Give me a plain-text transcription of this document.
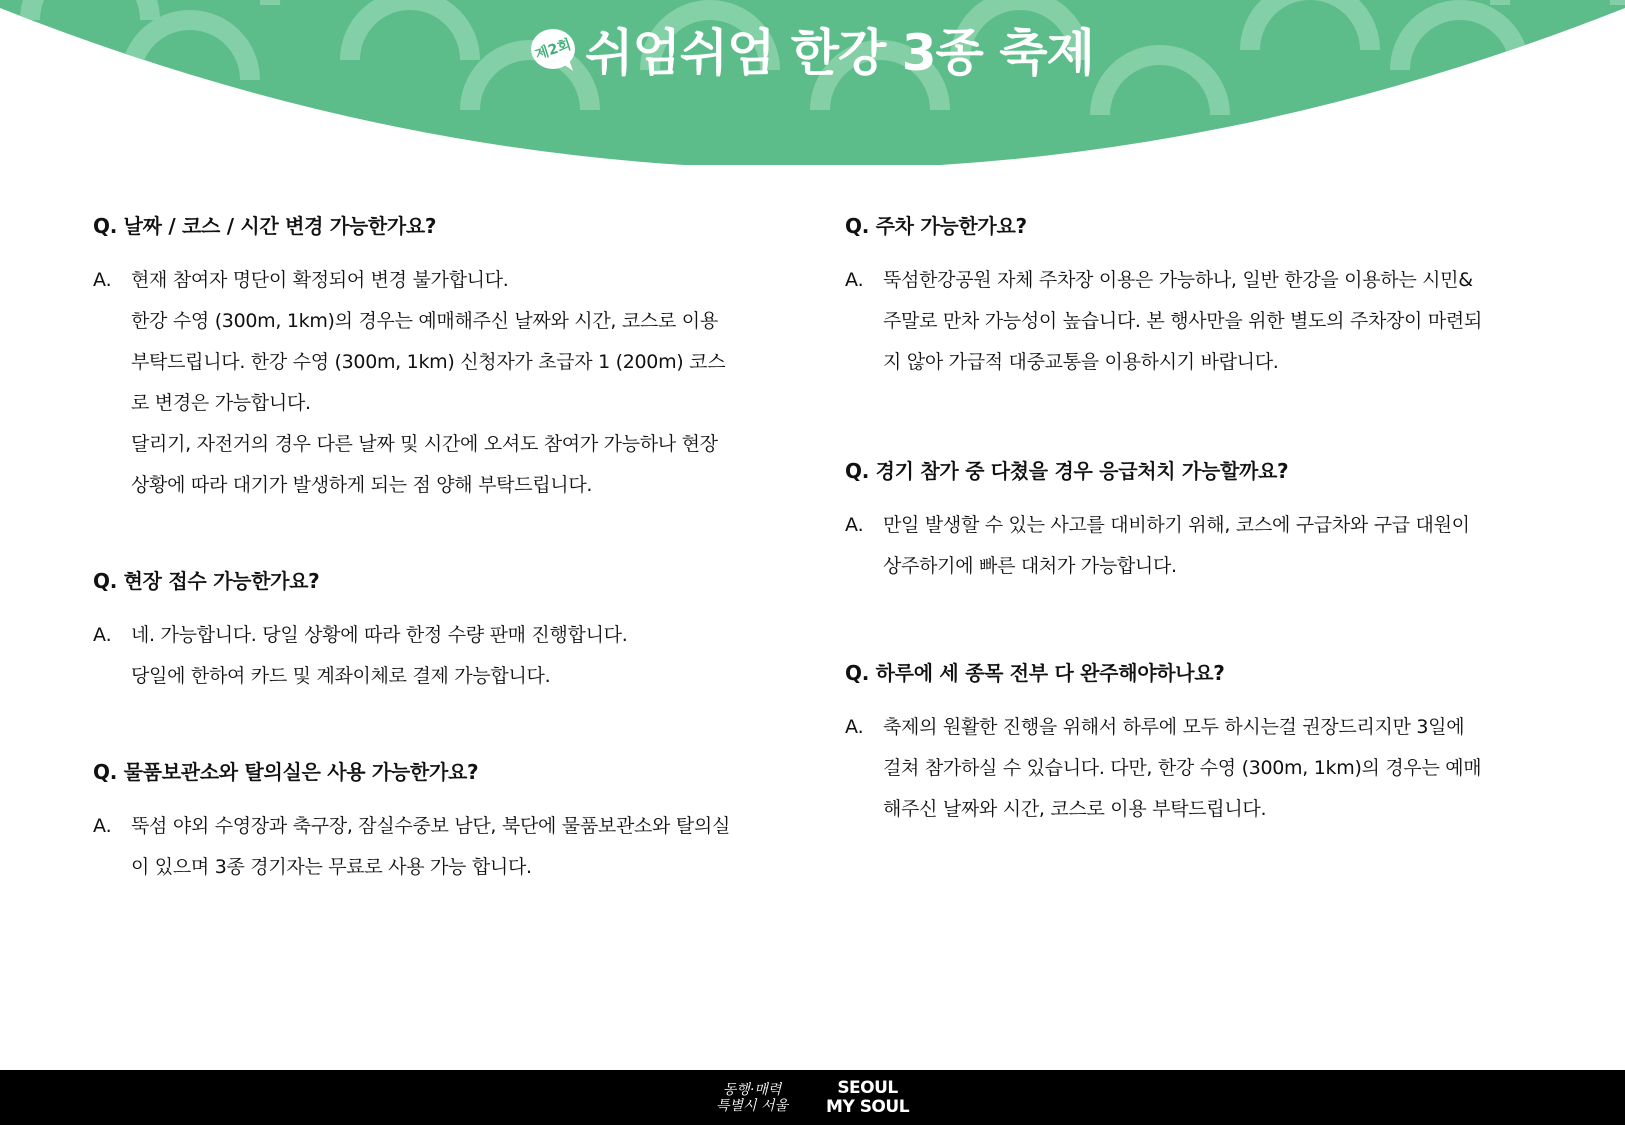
제2회 쉬엄쉬엄 한강 3종 축제

Q. 날짜 / 코스 / 시간 변경 가능한가요?

A.	현재 참여자 명단이 확정되어 변경 불가합니다.

한강 수영 (300m, 1km)의 경우는 예매해주신 날짜와 시간, 코스로 이용

부탁드립니다. 한강 수영 (300m, 1km) 신청자가 초급자 1 (200m) 코스

로 변경은 가능합니다.

달리기, 자전거의 경우 다른 날짜 및 시간에 오셔도 참여가 가능하나 현장

상황에 따라 대기가 발생하게 되는 점 양해 부탁드립니다.

Q. 현장 접수 가능한가요?

A.	네. 가능합니다. 당일 상황에 따라 한정 수량 판매 진행합니다.

당일에 한하여 카드 및 계좌이체로 결제 가능합니다.

Q. 물품보관소와 탈의실은 사용 가능한가요?

A.	뚝섬 야외 수영장과 축구장, 잠실수중보 남단, 북단에 물품보관소와 탈의실

이 있으며 3종 경기자는 무료로 사용 가능 합니다.

Q. 주차 가능한가요?

A.	뚝섬한강공원 자체 주차장 이용은 가능하나, 일반 한강을 이용하는 시민&

주말로 만차 가능성이 높습니다. 본 행사만을 위한 별도의 주차장이 마련되

지 않아 가급적 대중교통을 이용하시기 바랍니다.

Q. 경기 참가 중 다쳤을 경우 응급처치 가능할까요?

A.	만일 발생할 수 있는 사고를 대비하기 위해, 코스에 구급차와 구급 대원이

상주하기에 빠른 대처가 가능합니다.

Q. 하루에 세 종목 전부 다 완주해야하나요?

A.	축제의 원활한 진행을 위해서 하루에 모두 하시는걸 권장드리지만 3일에

걸쳐 참가하실 수 있습니다. 다만, 한강 수영 (300m, 1km)의 경우는 예매

해주신 날짜와 시간, 코스로 이용 부탁드립니다.

동행·매력
특별시 서울
SEOUL
MY SOUL
